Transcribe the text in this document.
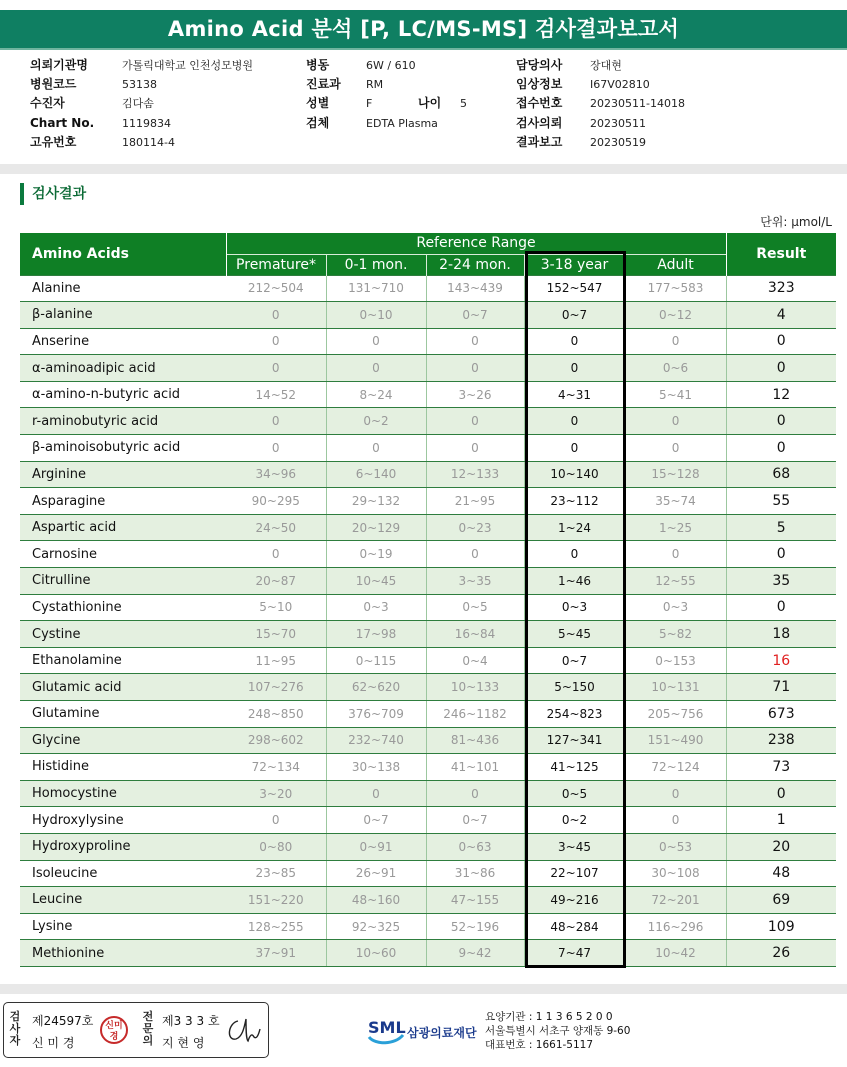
Amino Acid 분석 [P, LC/MS-MS] 검사결과보고서
의뢰기관명	가톨릭대학교 인천성모병원
병원코드	53138
수진자	김다솜
Chart No.	1119834
고유번호	180114-4
병동	6W / 610
진료과 RM
성별	F	나이 5
검체	EDTA Plasma
담당의사	장대현
임상정보	I67V02810
접수번호	20230511-14018
검사의뢰	20230511
결과보고	20230519
검사결과
단위: μmol/L
Amino Acids	Reference Range					Result
	Premature*	0-1 mon.	2-24 mon.	3-18 year	Adult	
Alanine	212~504	131~710	143~439	152~547	177~583	323
β-alanine	0	0~10	0~7	0~7	0~12	4
Anserine	0	0	0	0	0	0
α-aminoadipic acid	0	0	0	0	0~6	0
α-amino-n-butyric acid	14~52	8~24	3~26	4~31	5~41	12
r-aminobutyric acid	0	0~2	0	0	0	0
β-aminoisobutyric acid	0	0	0	0	0	0
Arginine	34~96	6~140	12~133	10~140	15~128	68
Asparagine	90~295	29~132	21~95	23~112	35~74	55
Aspartic acid	24~50	20~129	0~23	1~24	1~25	5
Carnosine	0	0~19	0	0	0	0
Citrulline	20~87	10~45	3~35	1~46	12~55	35
Cystathionine	5~10	0~3	0~5	0~3	0~3	0
Cystine	15~70	17~98	16~84	5~45	5~82	18
Ethanolamine	11~95	0~115	0~4	0~7	0~153	16
Glutamic acid	107~276	62~620	10~133	5~150	10~131	71
Glutamine	248~850	376~709	246~1182	254~823	205~756	673
Glycine	298~602	232~740	81~436	127~341	151~490	238
Histidine	72~134	30~138	41~101	41~125	72~124	73
Homocystine	3~20	0	0	0~5	0	0
Hydroxylysine	0	0~7	0~7	0~2	0	1
Hydroxyproline	0~80	0~91	0~63	3~45	0~53	20
Isoleucine	23~85	26~91	31~86	22~107	30~108	48
Leucine	151~220	48~160	47~155	49~216	72~201	69
Lysine	128~255	92~325	52~196	48~284	116~296	109
Methionine	37~91	10~60	9~42	7~47	10~42	26
검사자
제24597호
신 미 경
신미경
전문의
제3 3 3 호
지 현 영
SML 삼광의료재단
요양기관 : 1 1 3 6 5 2 0 0
서울특별시 서초구 양재동 9-60
대표번호 : 1661-5117
